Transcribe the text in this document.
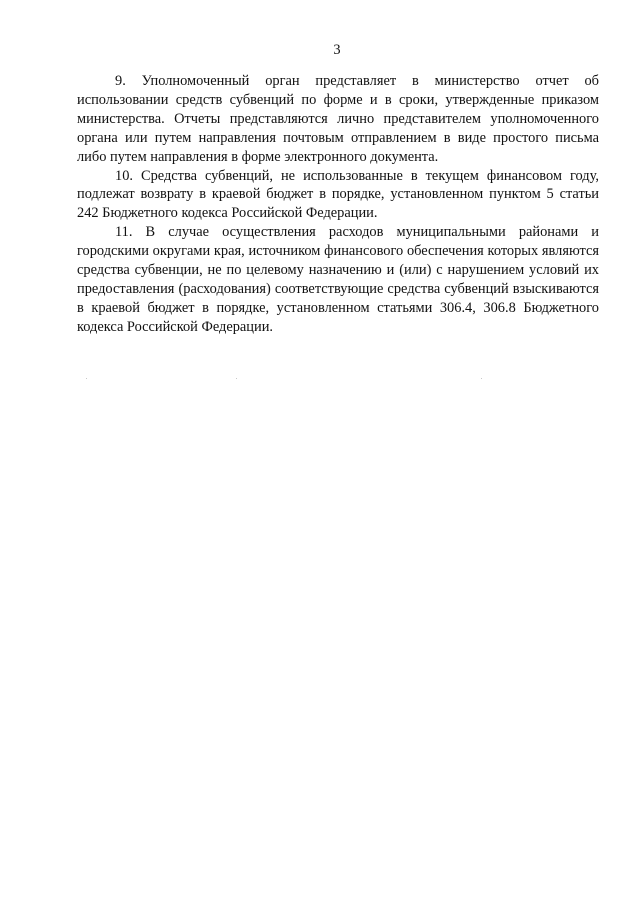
3

9. Уполномоченный орган представляет в министерство отчет об использовании средств субвенций по форме и в сроки, утвержденные приказом министерства. Отчеты представляются лично представителем уполномоченного органа или путем направления почтовым отправлением в виде простого письма либо путем направления в форме электронного документа.

10. Средства субвенций, не использованные в текущем финансовом году, подлежат возврату в краевой бюджет в порядке, установленном пунктом 5 статьи 242 Бюджетного кодекса Российской Федерации.

11. В случае осуществления расходов муниципальными районами и городскими округами края, источником финансового обеспечения которых являются средства субвенции, не по целевому назначению и (или) с нарушением условий их предоставления (расходования) соответствующие средства субвенций взыскиваются в краевой бюджет в порядке, установленном статьями 306.4, 306.8 Бюджетного кодекса Российской Федерации.
